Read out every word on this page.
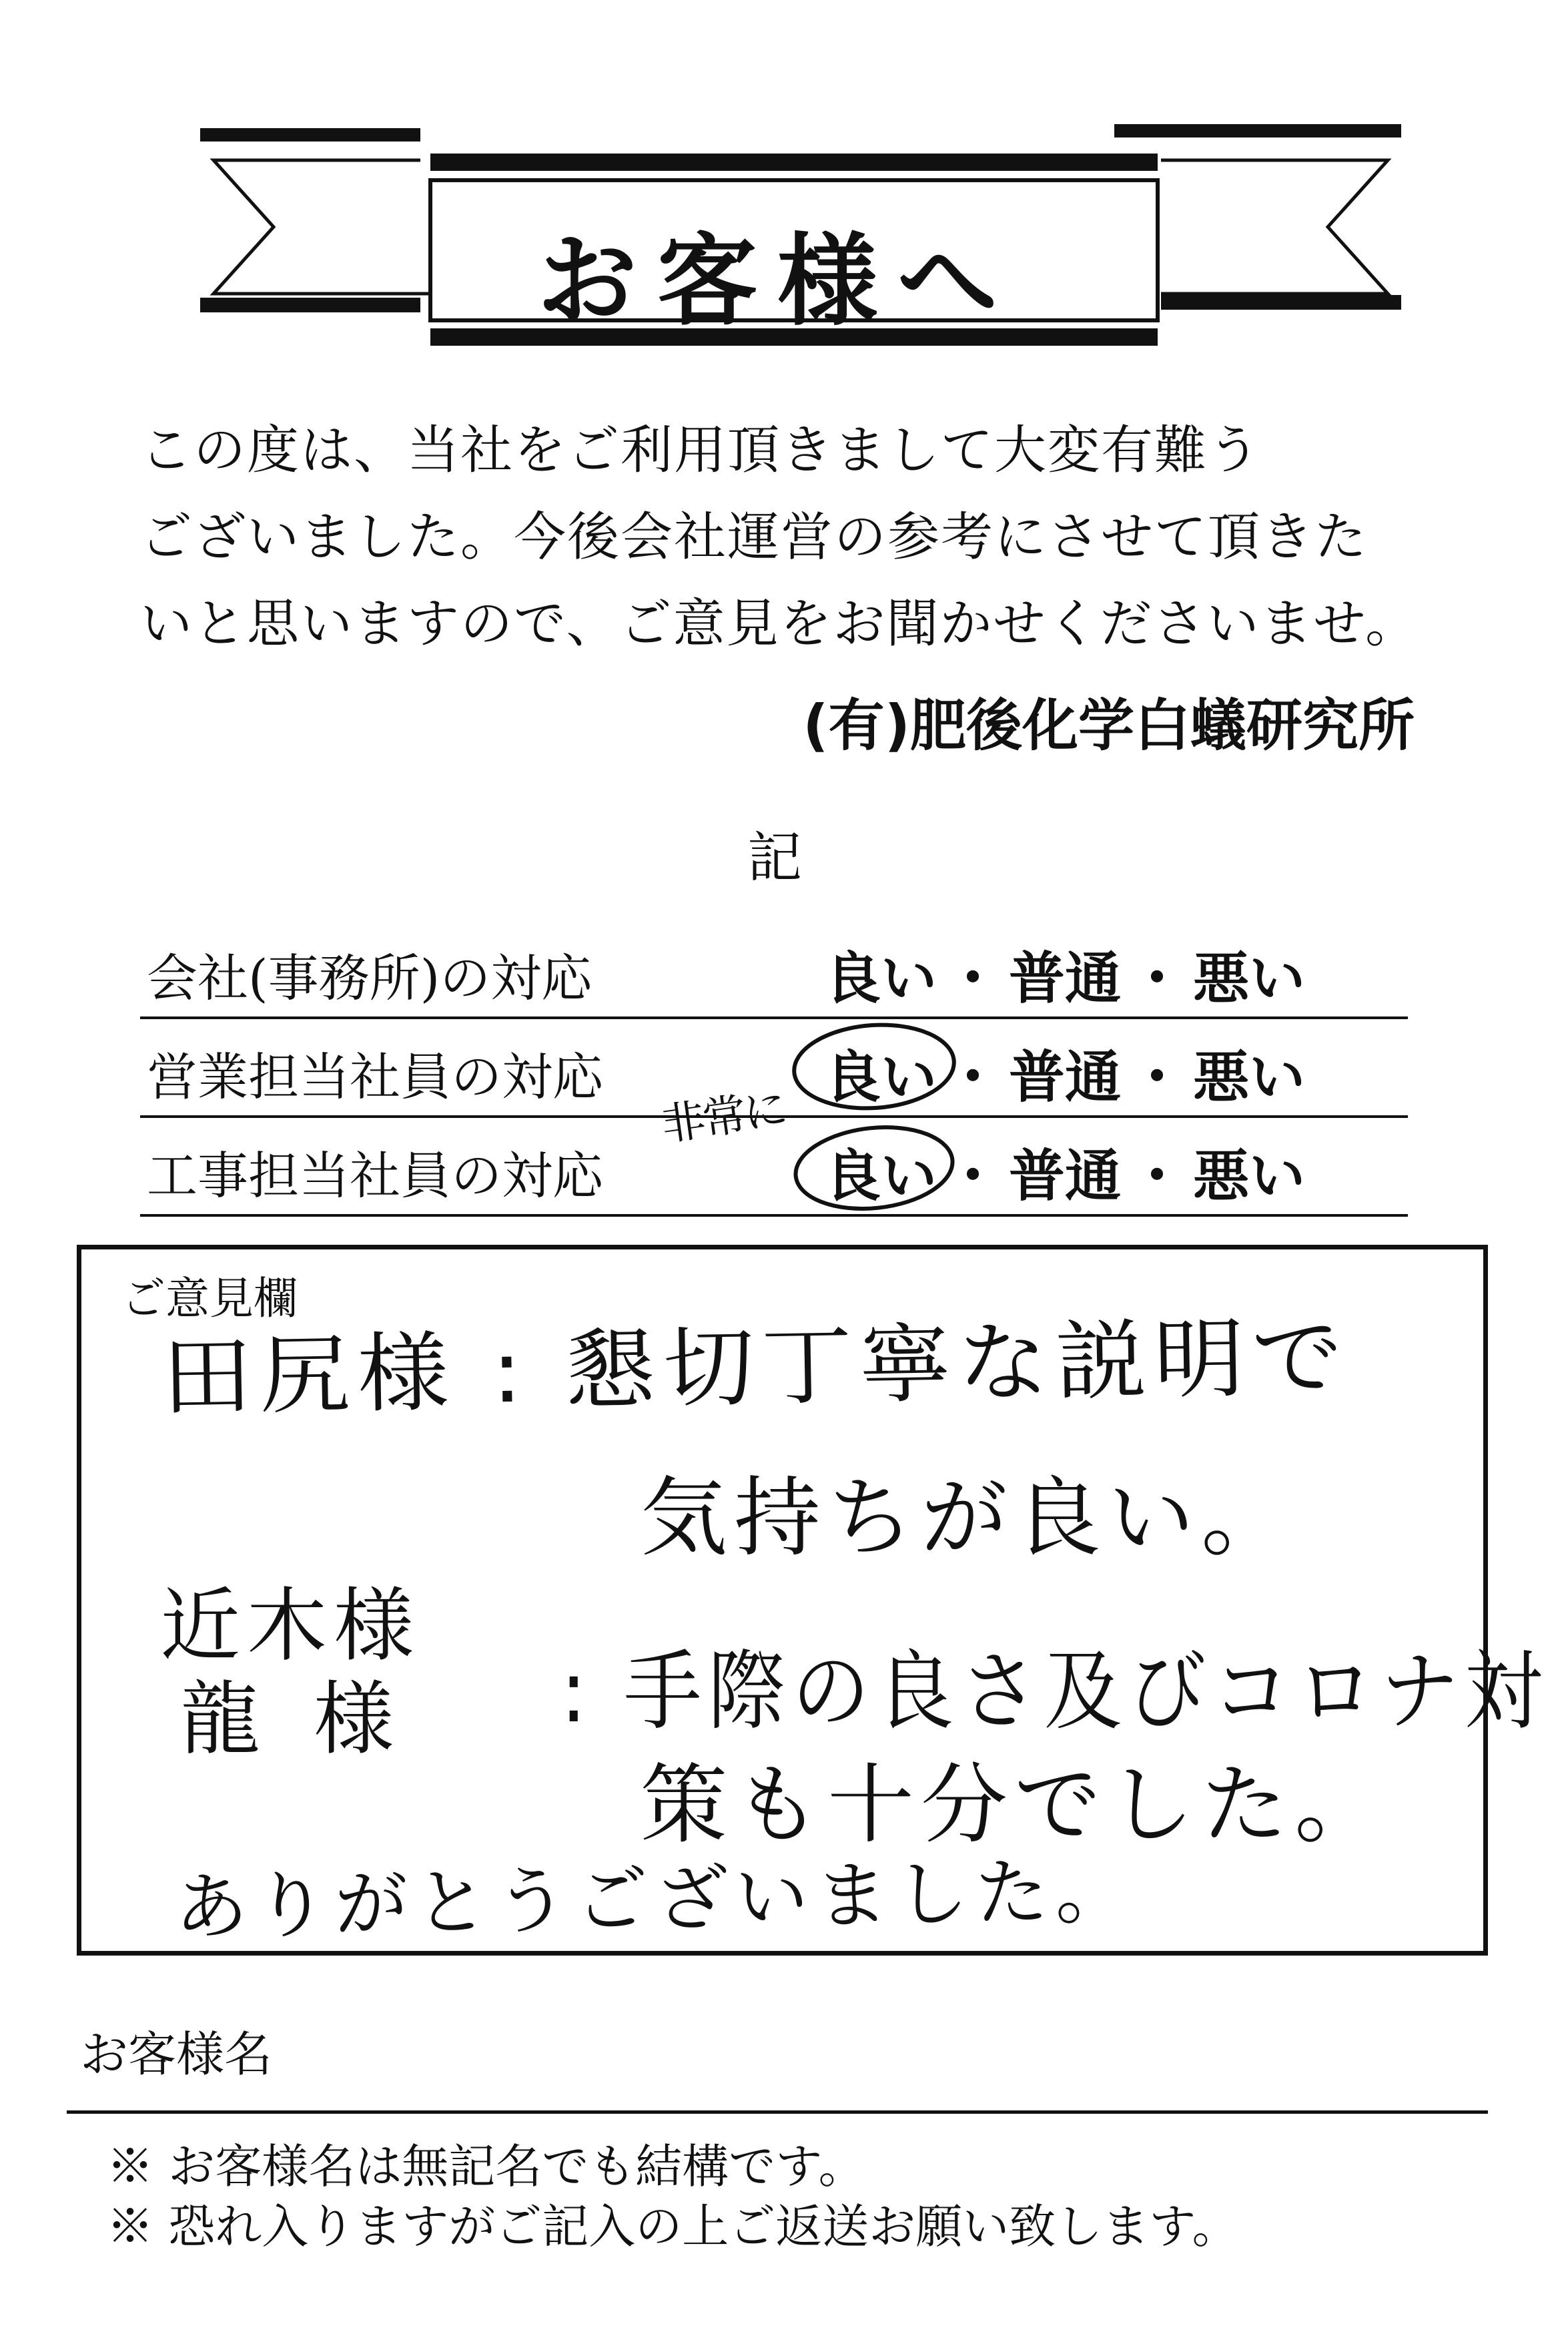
お客様へ
この度は、当社をご利用頂きまして大変有難う
ございました。今後会社運営の参考にさせて頂きた
いと思いますので、ご意見をお聞かせくださいませ。
(有)肥後化学白蟻研究所
記
会社(事務所)の対応	良い ・ 普通 ・ 悪い
営業担当社員の対応	良い ・ 普通 ・ 悪い
工事担当社員の対応	良い ・ 普通 ・ 悪い
非常に
ご意見欄
田尻様 : 懇切丁寧な説明で
気持ちが良い。
近木様
龍様 : 手際の良さ及びコロナ対
策も十分でした。
ありがとうございました。
お客様名
※ お客様名は無記名でも結構です。
※ 恐れ入りますがご記入の上ご返送お願い致します。
